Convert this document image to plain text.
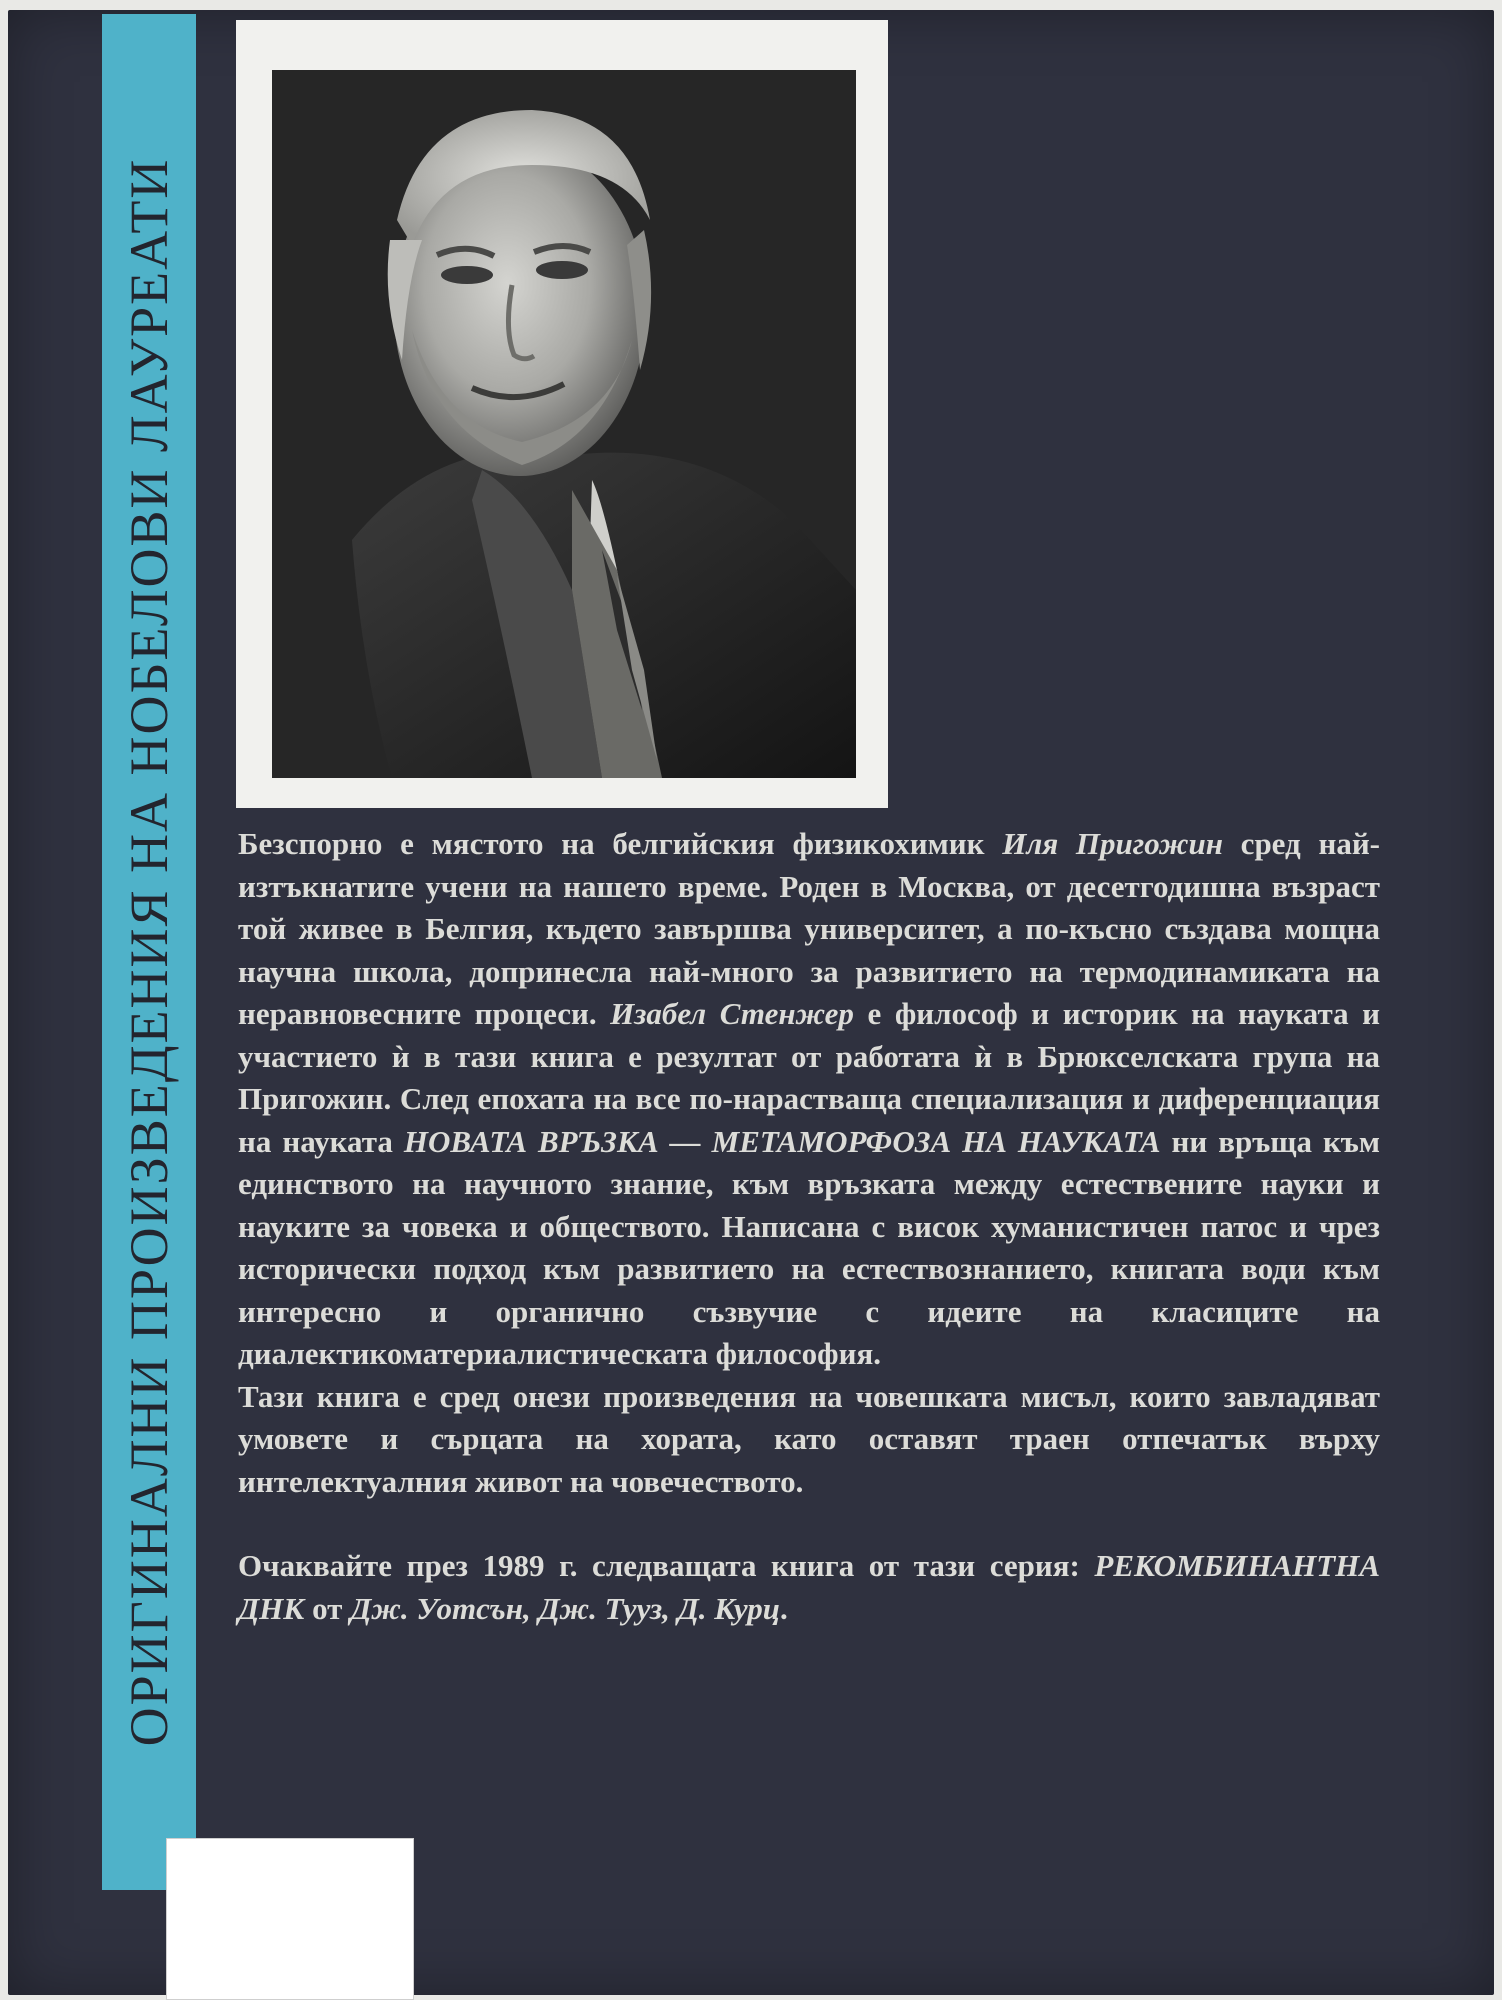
ОРИГИНАЛНИ ПРОИЗВЕДЕНИЯ НА НОБЕЛОВИ ЛАУРЕАТИ	Безспорно е мястото на белгийския физикохимик Иля Пригожин сред най-изтъкнатите учени на нашето време. Роден в Москва, от десетгодишна възраст той живее в Белгия, където завършва университет, а по-късно създава мощна научна школа, допринесла най-много за развитието на термодинамиката на неравновесните процеси. Изабел Стенжер е философ и историк на науката и участието ѝ в тази книга е резултат от работата ѝ в Брюкселската група на Пригожин. След епохата на все по-нарастваща специализация и диференциация на науката НОВАТА ВРЪЗКА — МЕТАМОРФОЗА НА НАУКАТА ни връща към единството на научното знание, към връзката между естествените науки и науките за човека и обществото. Написана с висок хуманистичен патос и чрез исторически подход към развитието на естествознанието, книгата води към интересно и органично съзвучие с идеите на класиците на диалектикоматериалистическата философия.

Тази книга е сред онези произведения на човешката мисъл, които завладяват умовете и сърцата на хората, като оставят траен отпечатък върху интелектуалния живот на човечеството.

Очаквайте през 1989 г. следващата книга от тази серия: РЕКОМБИНАНТНА ДНК от Дж. Уотсън, Дж. Тууз, Д. Курц.
